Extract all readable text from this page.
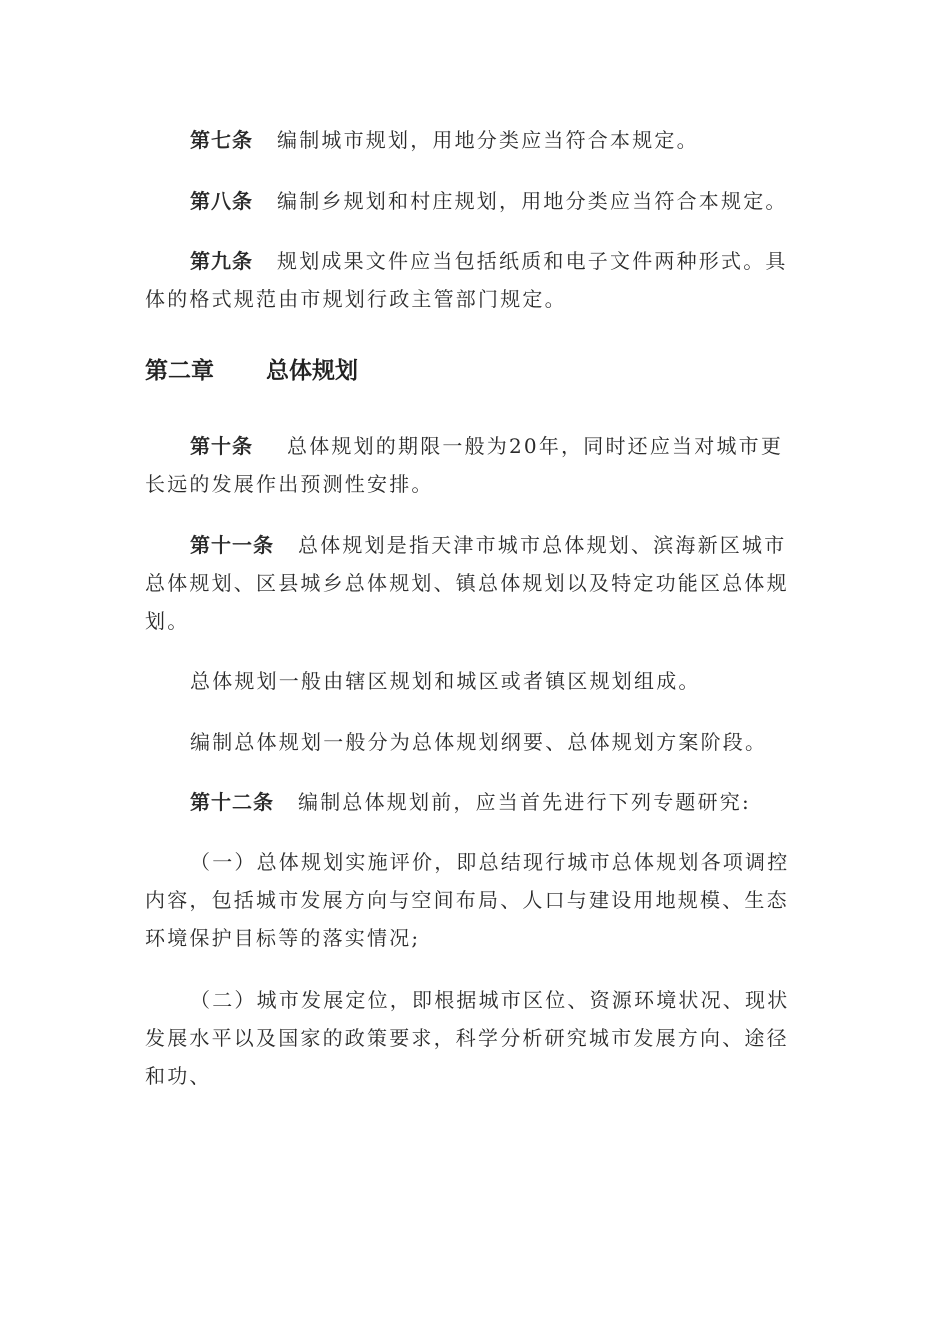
第七条 编制城市规划，用地分类应当符合本规定。

第八条 编制乡规划和村庄规划，用地分类应当符合本规定。

第九条 规划成果文件应当包括纸质和电子文件两种形式。具体的格式规范由市规划行政主管部门规定。

第二章 总体规划

第十条 总体规划的期限一般为20年，同时还应当对城市更长远的发展作出预测性安排。

第十一条 总体规划是指天津市城市总体规划、滨海新区城市总体规划、区县城乡总体规划、镇总体规划以及特定功能区总体规划。

总体规划一般由辖区规划和城区或者镇区规划组成。

编制总体规划一般分为总体规划纲要、总体规划方案阶段。

第十二条 编制总体规划前，应当首先进行下列专题研究:

（一）总体规划实施评价，即总结现行城市总体规划各项调控内容，包括城市发展方向与空间布局、人口与建设用地规模、生态环境保护目标等的落实情况;

（二）城市发展定位，即根据城市区位、资源环境状况、现状发展水平以及国家的政策要求，科学分析研究城市发展方向、途径和功、
